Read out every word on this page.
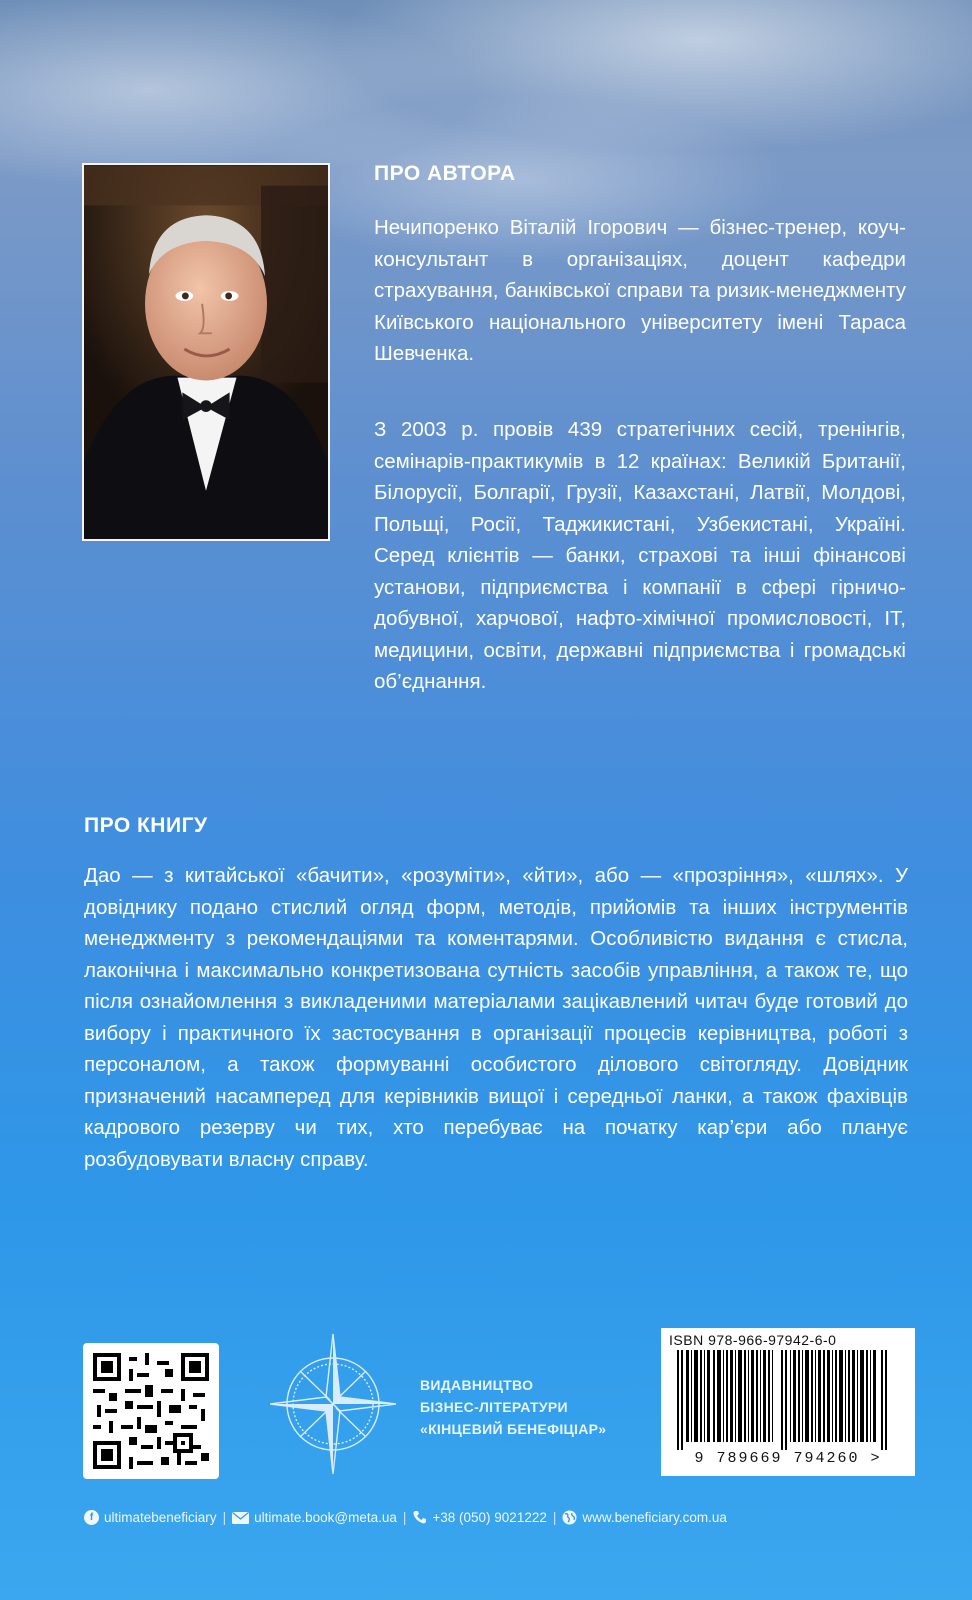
ПРО АВТОРА

Нечипоренко Віталій Ігорович — бізнес-тренер, коуч-консультант в організаціях, доцент кафедри страхування, банківської справи та ризик-менеджменту Київського національного університету імені Тараса Шевченка.

З 2003 р. провів 439 стратегічних сесій, тренінгів, семінарів-практикумів в 12 країнах: Великій Британії, Білорусії, Болгарії, Грузії, Казахстані, Латвії, Молдові, Польщі, Росії, Таджикистані, Узбекистані, Україні. Серед клієнтів — банки, страхові та інші фінансові установи, підприємства і компанії в сфері гірничо-добувної, харчової, нафто-хімічної промисловості, IT, медицини, освіти, державні підприємства і громадські об’єднання.

ПРО КНИГУ

Дао — з китайської «бачити», «розуміти», «йти», або — «прозріння», «шлях». У довіднику подано стислий огляд форм, методів, прийомів та інших інструментів менеджменту з рекомендаціями та коментарями. Особливістю видання є стисла, лаконічна і максимально конкретизована сутність засобів управління, а також те, що після ознайомлення з викладеними матеріалами зацікавлений читач буде готовий до вибору і практичного їх застосування в організації процесів керівництва, роботі з персоналом, а також формуванні особистого ділового світогляду. Довідник призначений насамперед для керівників вищої і середньої ланки, а також фахівців кадрового резерву чи тих, хто перебуває на початку кар’єри або планує розбудовувати власну справу.

ВИДАВНИЦТВО
БІЗНЕС-ЛІТЕРАТУРИ
«КІНЦЕВИЙ БЕНЕФІЦІАР»
ISBN 978-966-97942-6-0
9 789669 794260 >
f ultimatebeneficiary | ultimate.book@meta.ua | +38 (050) 9021222 | www.beneficiary.com.ua
